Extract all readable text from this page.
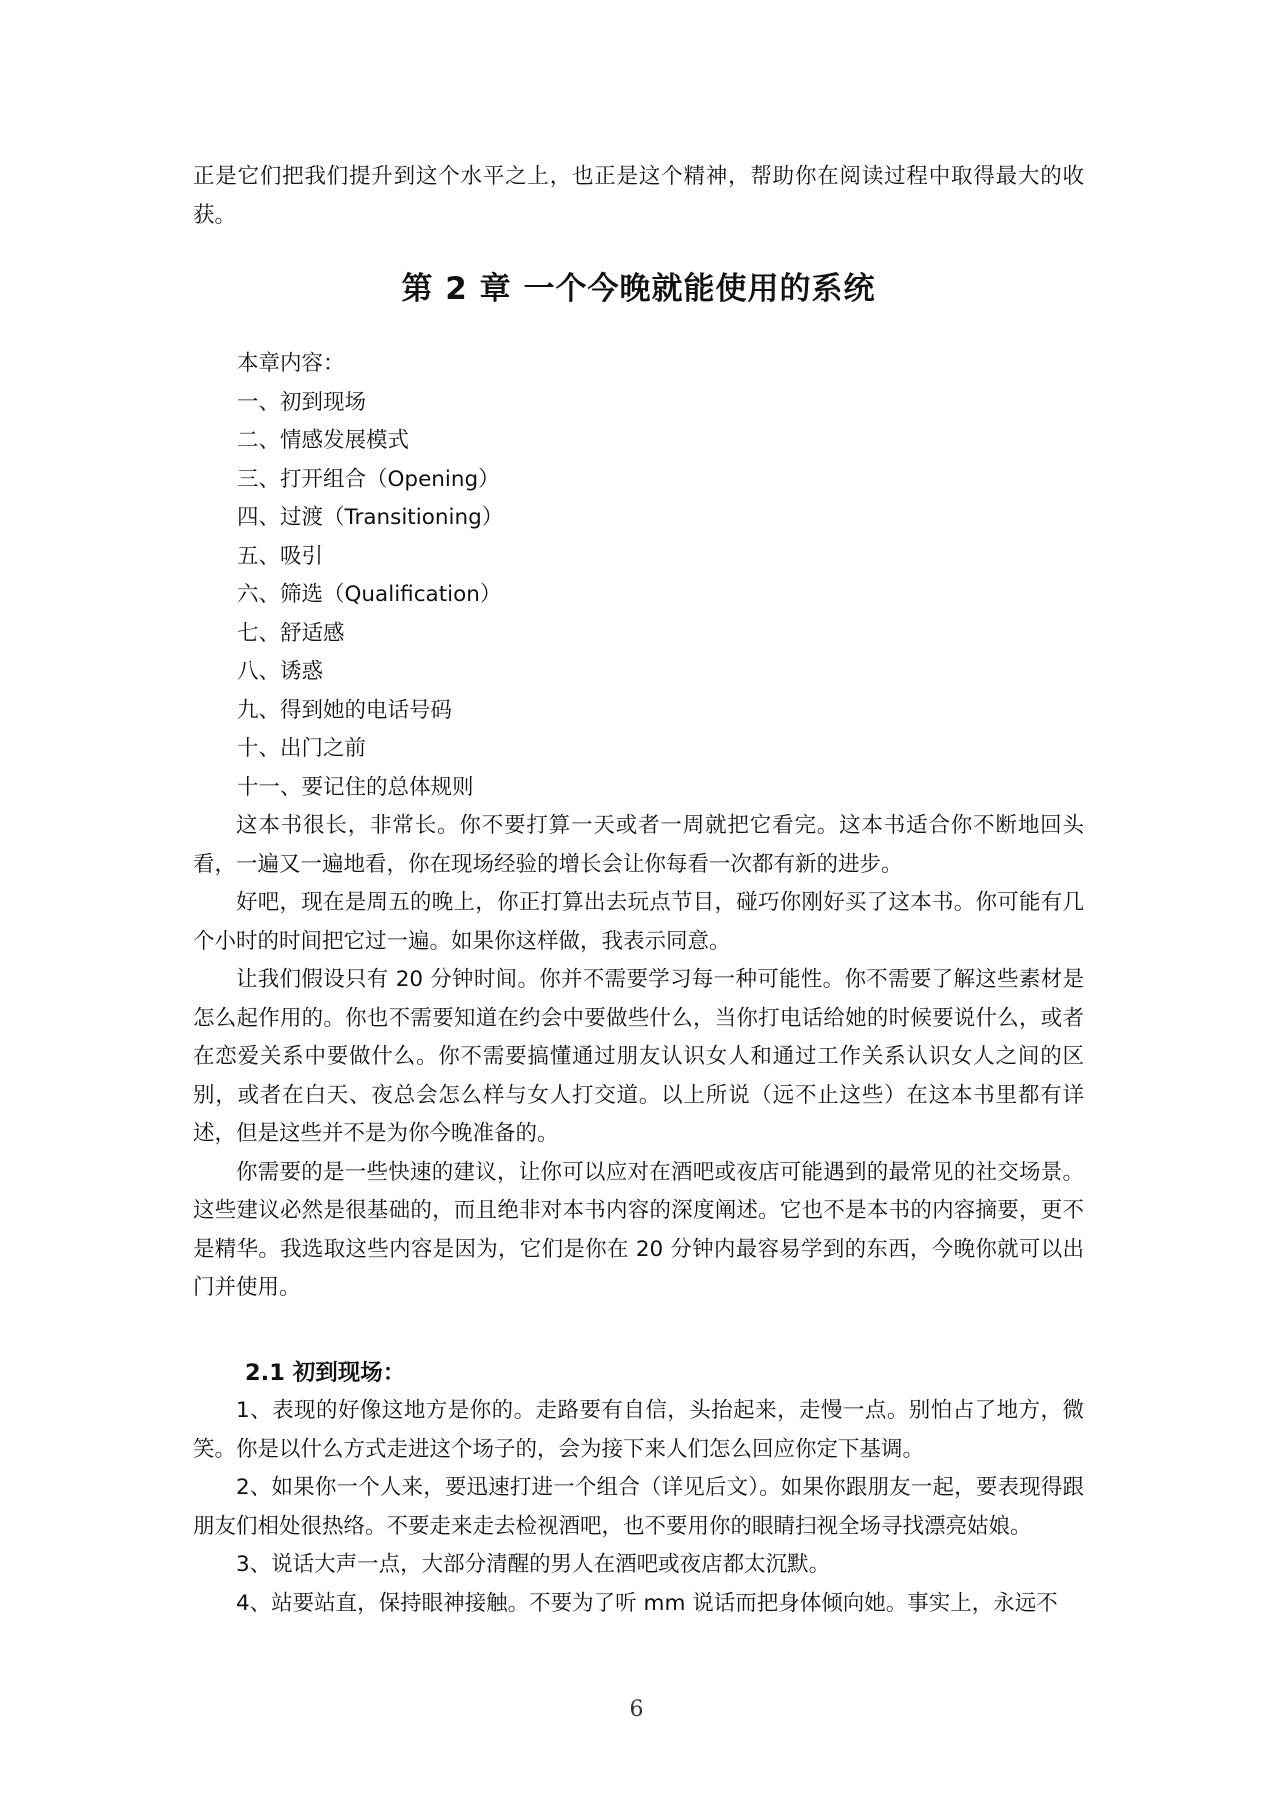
正是它们把我们提升到这个水平之上，也正是这个精神，帮助你在阅读过程中取得最大的收获。

第 2 章 一个今晚就能使用的系统

本章内容：

一、初到现场

二、情感发展模式

三、打开组合（Opening）

四、过渡（Transitioning）

五、吸引

六、筛选（Qualification）

七、舒适感

八、诱惑

九、得到她的电话号码

十、出门之前

十一、要记住的总体规则

这本书很长，非常长。你不要打算一天或者一周就把它看完。这本书适合你不断地回头看，一遍又一遍地看，你在现场经验的增长会让你每看一次都有新的进步。

好吧，现在是周五的晚上，你正打算出去玩点节目，碰巧你刚好买了这本书。你可能有几个小时的时间把它过一遍。如果你这样做，我表示同意。

让我们假设只有 20 分钟时间。你并不需要学习每一种可能性。你不需要了解这些素材是怎么起作用的。你也不需要知道在约会中要做些什么，当你打电话给她的时候要说什么，或者在恋爱关系中要做什么。你不需要搞懂通过朋友认识女人和通过工作关系认识女人之间的区别，或者在白天、夜总会怎么样与女人打交道。以上所说（远不止这些）在这本书里都有详述，但是这些并不是为你今晚准备的。

你需要的是一些快速的建议，让你可以应对在酒吧或夜店可能遇到的最常见的社交场景。这些建议必然是很基础的，而且绝非对本书内容的深度阐述。它也不是本书的内容摘要，更不是精华。我选取这些内容是因为，它们是你在 20 分钟内最容易学到的东西，今晚你就可以出门并使用。

2.1 初到现场：

1、表现的好像这地方是你的。走路要有自信，头抬起来，走慢一点。别怕占了地方，微笑。你是以什么方式走进这个场子的，会为接下来人们怎么回应你定下基调。

2、如果你一个人来，要迅速打进一个组合（详见后文）。如果你跟朋友一起，要表现得跟朋友们相处很热络。不要走来走去检视酒吧，也不要用你的眼睛扫视全场寻找漂亮姑娘。

3、说话大声一点，大部分清醒的男人在酒吧或夜店都太沉默。

4、站要站直，保持眼神接触。不要为了听 mm 说话而把身体倾向她。事实上，永远不

6
